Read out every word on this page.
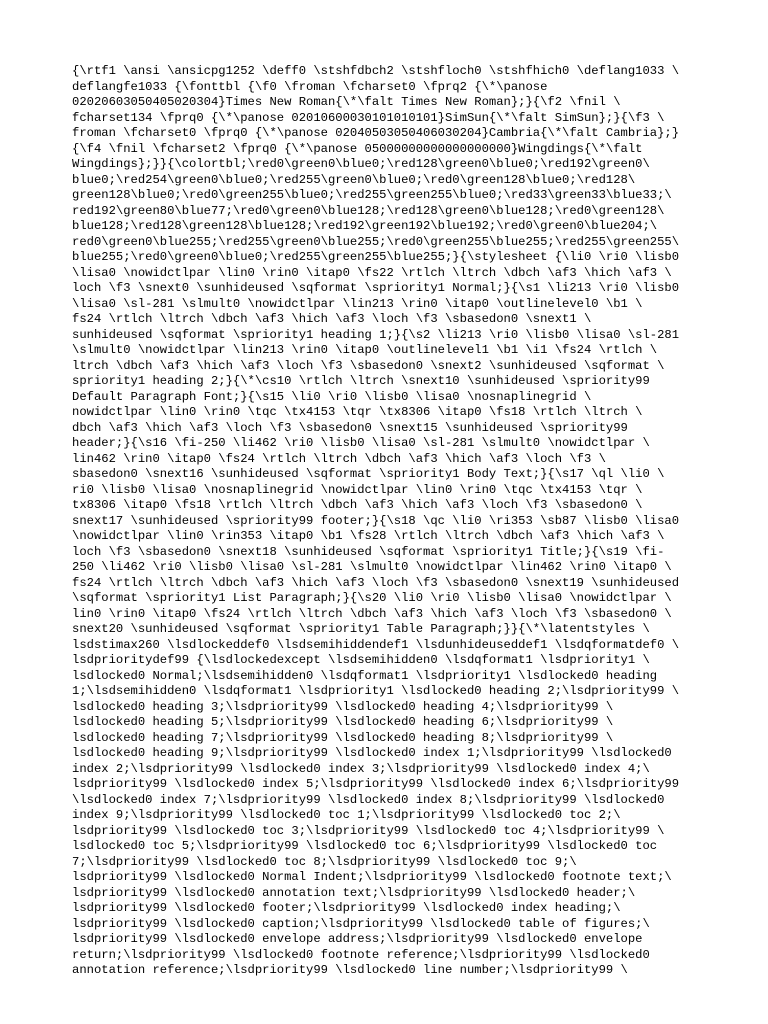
{\rtf1 \ansi \ansicpg1252 \deff0 \stshfdbch2 \stshfloch0 \stshfhich0 \deflang1033 \
deflangfe1033 {\fonttbl {\f0 \froman \fcharset0 \fprq2 {\*\panose
02020603050405020304}Times New Roman{\*\falt Times New Roman};}{\f2 \fnil \
fcharset134 \fprq0 {\*\panose 02010600030101010101}SimSun{\*\falt SimSun};}{\f3 \
froman \fcharset0 \fprq0 {\*\panose 02040503050406030204}Cambria{\*\falt Cambria};}
{\f4 \fnil \fcharset2 \fprq0 {\*\panose 05000000000000000000}Wingdings{\*\falt
Wingdings};}}{\colortbl;\red0\green0\blue0;\red128\green0\blue0;\red192\green0\
blue0;\red254\green0\blue0;\red255\green0\blue0;\red0\green128\blue0;\red128\
green128\blue0;\red0\green255\blue0;\red255\green255\blue0;\red33\green33\blue33;\
red192\green80\blue77;\red0\green0\blue128;\red128\green0\blue128;\red0\green128\
blue128;\red128\green128\blue128;\red192\green192\blue192;\red0\green0\blue204;\
red0\green0\blue255;\red255\green0\blue255;\red0\green255\blue255;\red255\green255\
blue255;\red0\green0\blue0;\red255\green255\blue255;}{\stylesheet {\li0 \ri0 \lisb0
\lisa0 \nowidctlpar \lin0 \rin0 \itap0 \fs22 \rtlch \ltrch \dbch \af3 \hich \af3 \
loch \f3 \snext0 \sunhideused \sqformat \spriority1 Normal;}{\s1 \li213 \ri0 \lisb0
\lisa0 \sl-281 \slmult0 \nowidctlpar \lin213 \rin0 \itap0 \outlinelevel0 \b1 \
fs24 \rtlch \ltrch \dbch \af3 \hich \af3 \loch \f3 \sbasedon0 \snext1 \
sunhideused \sqformat \spriority1 heading 1;}{\s2 \li213 \ri0 \lisb0 \lisa0 \sl-281
\slmult0 \nowidctlpar \lin213 \rin0 \itap0 \outlinelevel1 \b1 \i1 \fs24 \rtlch \
ltrch \dbch \af3 \hich \af3 \loch \f3 \sbasedon0 \snext2 \sunhideused \sqformat \
spriority1 heading 2;}{\*\cs10 \rtlch \ltrch \snext10 \sunhideused \spriority99
Default Paragraph Font;}{\s15 \li0 \ri0 \lisb0 \lisa0 \nosnaplinegrid \
nowidctlpar \lin0 \rin0 \tqc \tx4153 \tqr \tx8306 \itap0 \fs18 \rtlch \ltrch \
dbch \af3 \hich \af3 \loch \f3 \sbasedon0 \snext15 \sunhideused \spriority99
header;}{\s16 \fi-250 \li462 \ri0 \lisb0 \lisa0 \sl-281 \slmult0 \nowidctlpar \
lin462 \rin0 \itap0 \fs24 \rtlch \ltrch \dbch \af3 \hich \af3 \loch \f3 \
sbasedon0 \snext16 \sunhideused \sqformat \spriority1 Body Text;}{\s17 \ql \li0 \
ri0 \lisb0 \lisa0 \nosnaplinegrid \nowidctlpar \lin0 \rin0 \tqc \tx4153 \tqr \
tx8306 \itap0 \fs18 \rtlch \ltrch \dbch \af3 \hich \af3 \loch \f3 \sbasedon0 \
snext17 \sunhideused \spriority99 footer;}{\s18 \qc \li0 \ri353 \sb87 \lisb0 \lisa0
\nowidctlpar \lin0 \rin353 \itap0 \b1 \fs28 \rtlch \ltrch \dbch \af3 \hich \af3 \
loch \f3 \sbasedon0 \snext18 \sunhideused \sqformat \spriority1 Title;}{\s19 \fi-
250 \li462 \ri0 \lisb0 \lisa0 \sl-281 \slmult0 \nowidctlpar \lin462 \rin0 \itap0 \
fs24 \rtlch \ltrch \dbch \af3 \hich \af3 \loch \f3 \sbasedon0 \snext19 \sunhideused
\sqformat \spriority1 List Paragraph;}{\s20 \li0 \ri0 \lisb0 \lisa0 \nowidctlpar \
lin0 \rin0 \itap0 \fs24 \rtlch \ltrch \dbch \af3 \hich \af3 \loch \f3 \sbasedon0 \
snext20 \sunhideused \sqformat \spriority1 Table Paragraph;}}{\*\latentstyles \
lsdstimax260 \lsdlockeddef0 \lsdsemihiddendef1 \lsdunhideuseddef1 \lsdqformatdef0 \
lsdprioritydef99 {\lsdlockedexcept \lsdsemihidden0 \lsdqformat1 \lsdpriority1 \
lsdlocked0 Normal;\lsdsemihidden0 \lsdqformat1 \lsdpriority1 \lsdlocked0 heading
1;\lsdsemihidden0 \lsdqformat1 \lsdpriority1 \lsdlocked0 heading 2;\lsdpriority99 \
lsdlocked0 heading 3;\lsdpriority99 \lsdlocked0 heading 4;\lsdpriority99 \
lsdlocked0 heading 5;\lsdpriority99 \lsdlocked0 heading 6;\lsdpriority99 \
lsdlocked0 heading 7;\lsdpriority99 \lsdlocked0 heading 8;\lsdpriority99 \
lsdlocked0 heading 9;\lsdpriority99 \lsdlocked0 index 1;\lsdpriority99 \lsdlocked0
index 2;\lsdpriority99 \lsdlocked0 index 3;\lsdpriority99 \lsdlocked0 index 4;\
lsdpriority99 \lsdlocked0 index 5;\lsdpriority99 \lsdlocked0 index 6;\lsdpriority99
\lsdlocked0 index 7;\lsdpriority99 \lsdlocked0 index 8;\lsdpriority99 \lsdlocked0
index 9;\lsdpriority99 \lsdlocked0 toc 1;\lsdpriority99 \lsdlocked0 toc 2;\
lsdpriority99 \lsdlocked0 toc 3;\lsdpriority99 \lsdlocked0 toc 4;\lsdpriority99 \
lsdlocked0 toc 5;\lsdpriority99 \lsdlocked0 toc 6;\lsdpriority99 \lsdlocked0 toc
7;\lsdpriority99 \lsdlocked0 toc 8;\lsdpriority99 \lsdlocked0 toc 9;\
lsdpriority99 \lsdlocked0 Normal Indent;\lsdpriority99 \lsdlocked0 footnote text;\
lsdpriority99 \lsdlocked0 annotation text;\lsdpriority99 \lsdlocked0 header;\
lsdpriority99 \lsdlocked0 footer;\lsdpriority99 \lsdlocked0 index heading;\
lsdpriority99 \lsdlocked0 caption;\lsdpriority99 \lsdlocked0 table of figures;\
lsdpriority99 \lsdlocked0 envelope address;\lsdpriority99 \lsdlocked0 envelope
return;\lsdpriority99 \lsdlocked0 footnote reference;\lsdpriority99 \lsdlocked0
annotation reference;\lsdpriority99 \lsdlocked0 line number;\lsdpriority99 \
